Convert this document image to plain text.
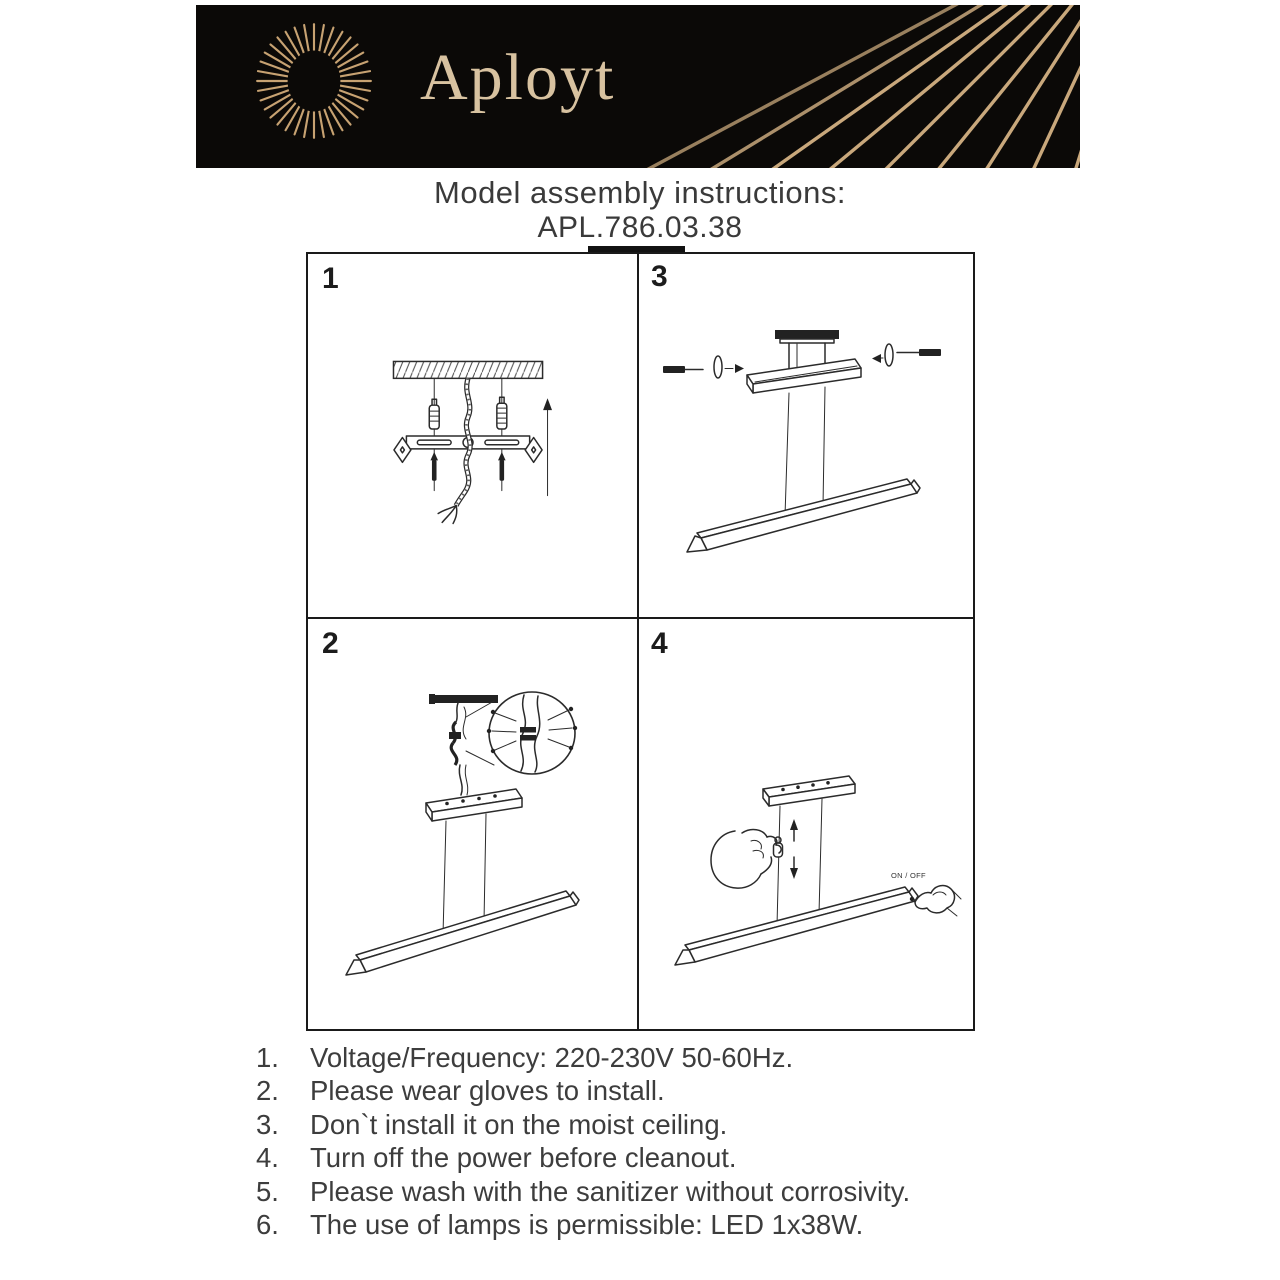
Aployt
Model assembly instructions:
APL.786.03.38
1	3
2	4
ON / OFF
1.	Voltage/Frequency: 220-230V 50-60Hz.
2.	Please wear gloves to install.
3.	Don`t install it on the moist ceiling.
4.	Turn off the power before cleanout.
5.	Please wash with the sanitizer without corrosivity.
6.	The use of lamps is permissible: LED 1x38W.
